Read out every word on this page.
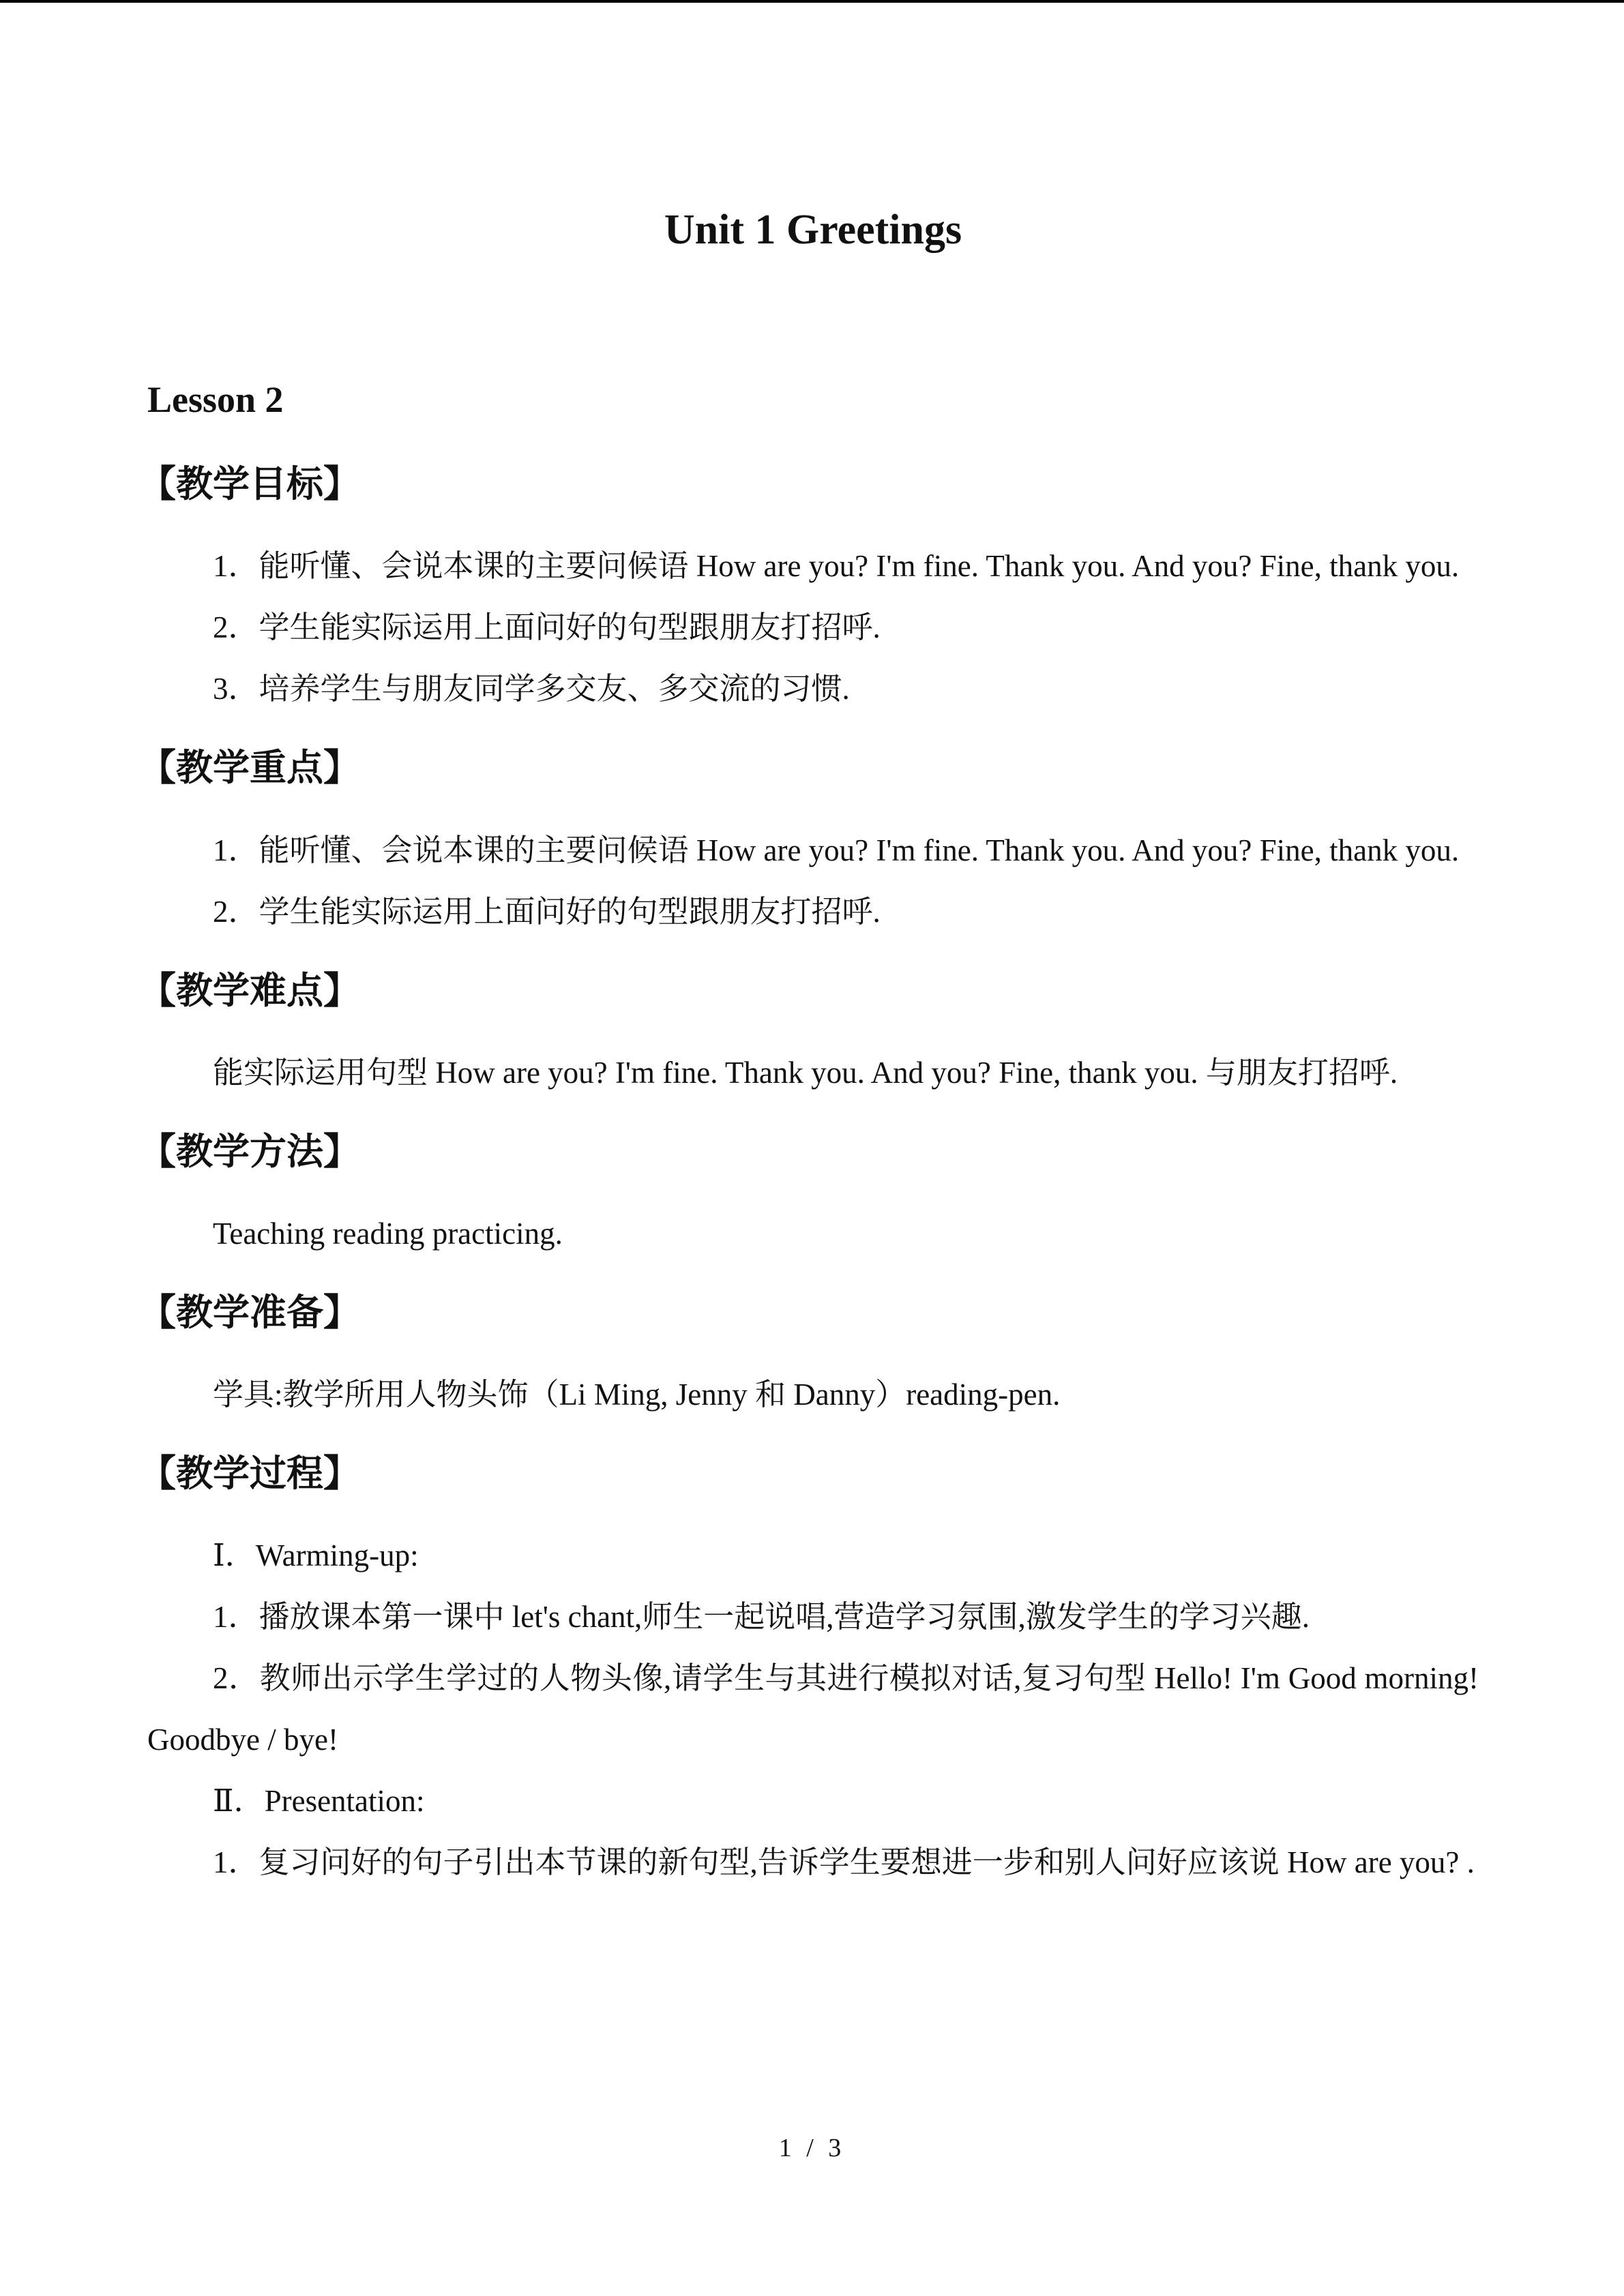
Unit 1 Greetings
Lesson 2
【教学目标】

1．能听懂、会说本课的主要问候语 How are you? I'm fine. Thank you. And you? Fine, thank you.

2．学生能实际运用上面问好的句型跟朋友打招呼.

3．培养学生与朋友同学多交友、多交流的习惯.

【教学重点】

1．能听懂、会说本课的主要问候语 How are you? I'm fine. Thank you. And you? Fine, thank you.

2．学生能实际运用上面问好的句型跟朋友打招呼.

【教学难点】

能实际运用句型 How are you? I'm fine. Thank you. And you? Fine, thank you. 与朋友打招呼.

【教学方法】

Teaching reading practicing.

【教学准备】

学具:教学所用人物头饰（Li Ming, Jenny 和 Danny）reading-pen.

【教学过程】

Ⅰ．Warming-up:

1．播放课本第一课中 let's chant,师生一起说唱,营造学习氛围,激发学生的学习兴趣.

2．教师出示学生学过的人物头像,请学生与其进行模拟对话,复习句型 Hello! I'm Good morning! Goodbye / bye!

Ⅱ．Presentation:

1．复习问好的句子引出本节课的新句型,告诉学生要想进一步和别人问好应该说 How are you? .

1 / 3
